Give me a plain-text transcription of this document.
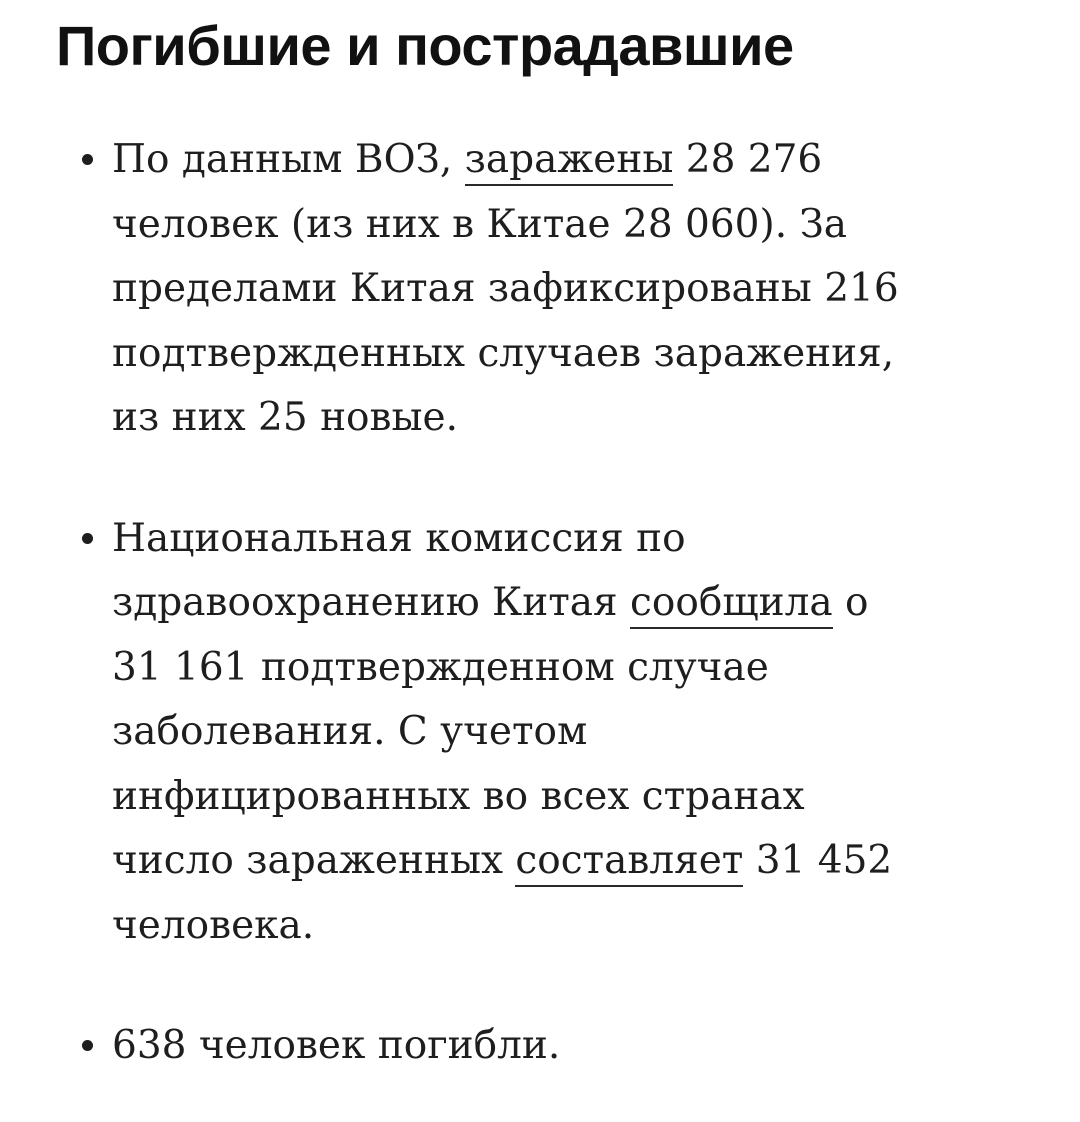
Погибшие и пострадавшие
По данным ВОЗ, заражены 28 276
человек (из них в Китае 28 060). За
пределами Китая зафиксированы 216
подтвержденных случаев заражения,
из них 25 новые.
Национальная комиссия по
здравоохранению Китая сообщила о
31 161 подтвержденном случае
заболевания. С учетом
инфицированных во всех странах
число зараженных составляет 31 452
человека.
638 человек погибли.
